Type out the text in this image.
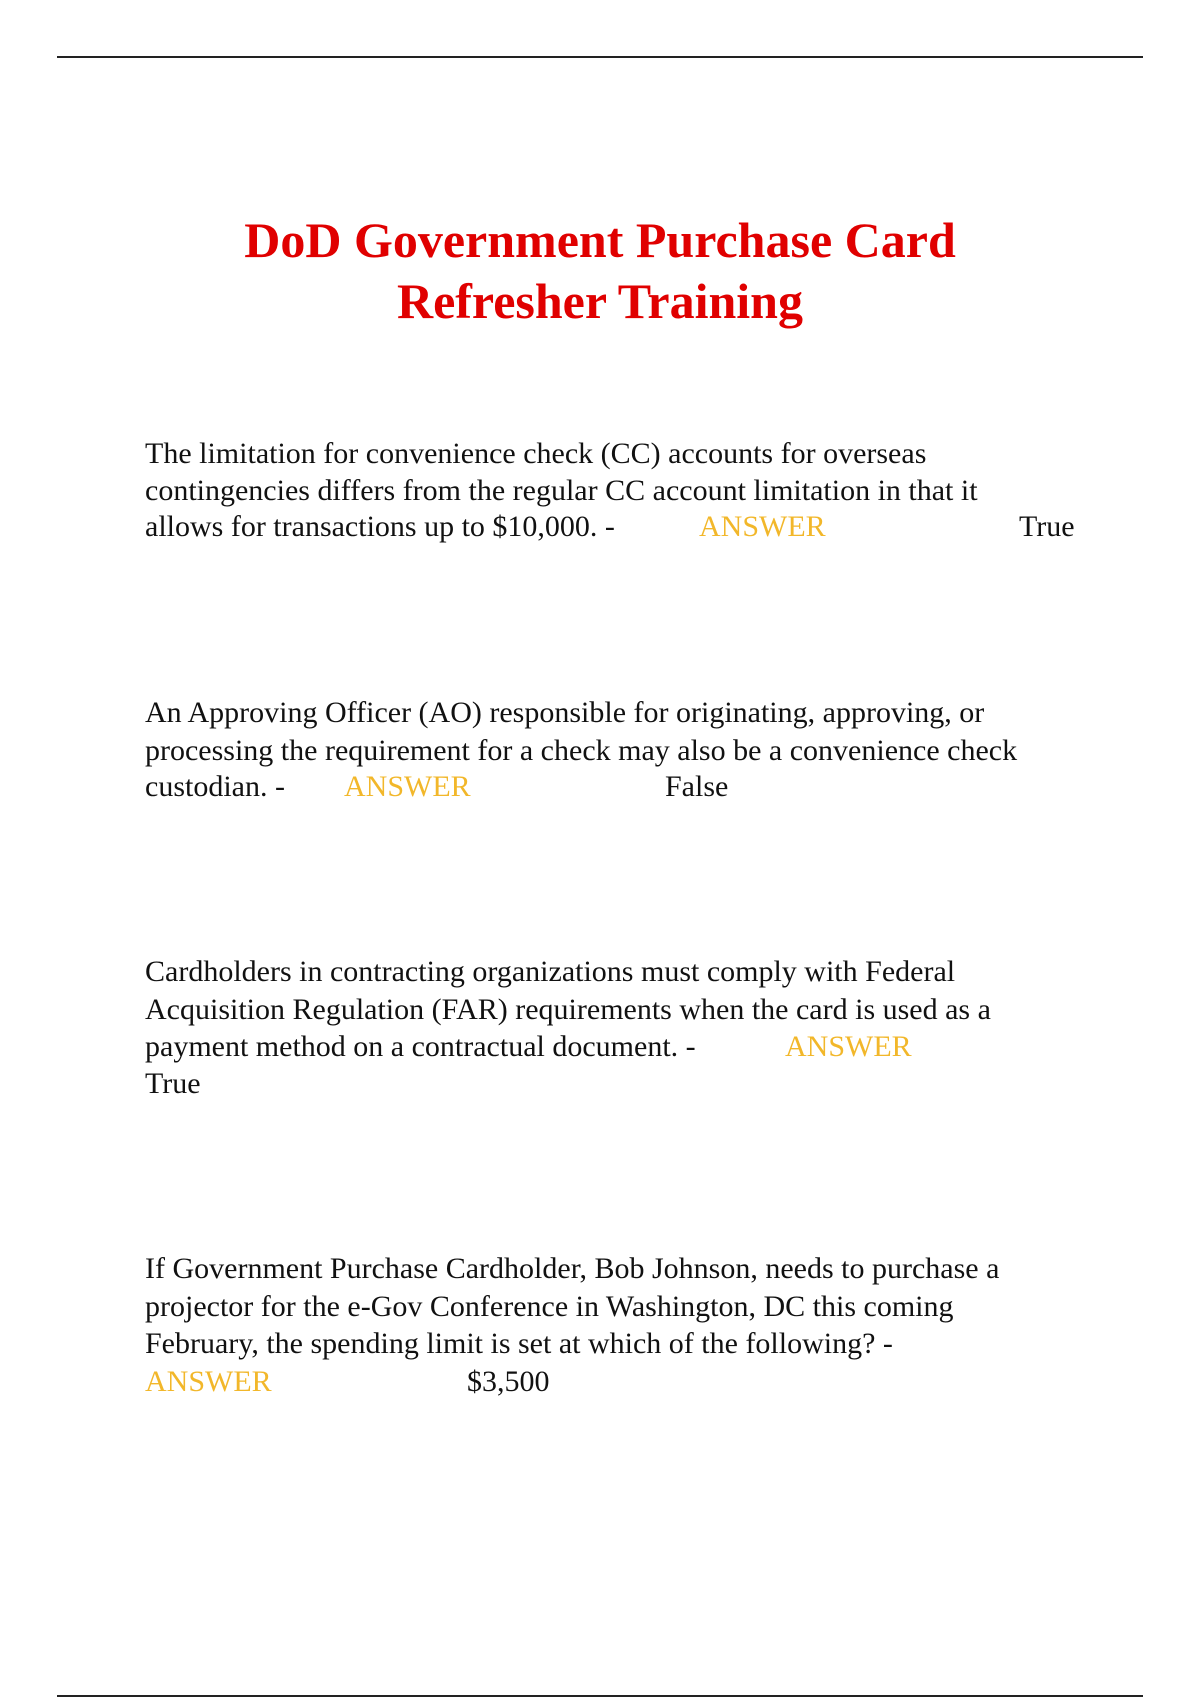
DoD Government Purchase Card
Refresher Training
The limitation for convenience check (CC) accounts for overseas
contingencies differs from the regular CC account limitation in that it
allows for transactions up to $10,000. -	ANSWER	True
An Approving Officer (AO) responsible for originating, approving, or
processing the requirement for a check may also be a convenience check
custodian. - ANSWER	False
Cardholders in contracting organizations must comply with Federal
Acquisition Regulation (FAR) requirements when the card is used as a
payment method on a contractual document. -	ANSWER
True
If Government Purchase Cardholder, Bob Johnson, needs to purchase a
projector for the e-Gov Conference in Washington, DC this coming
February, the spending limit is set at which of the following? -
ANSWER	$3,500
